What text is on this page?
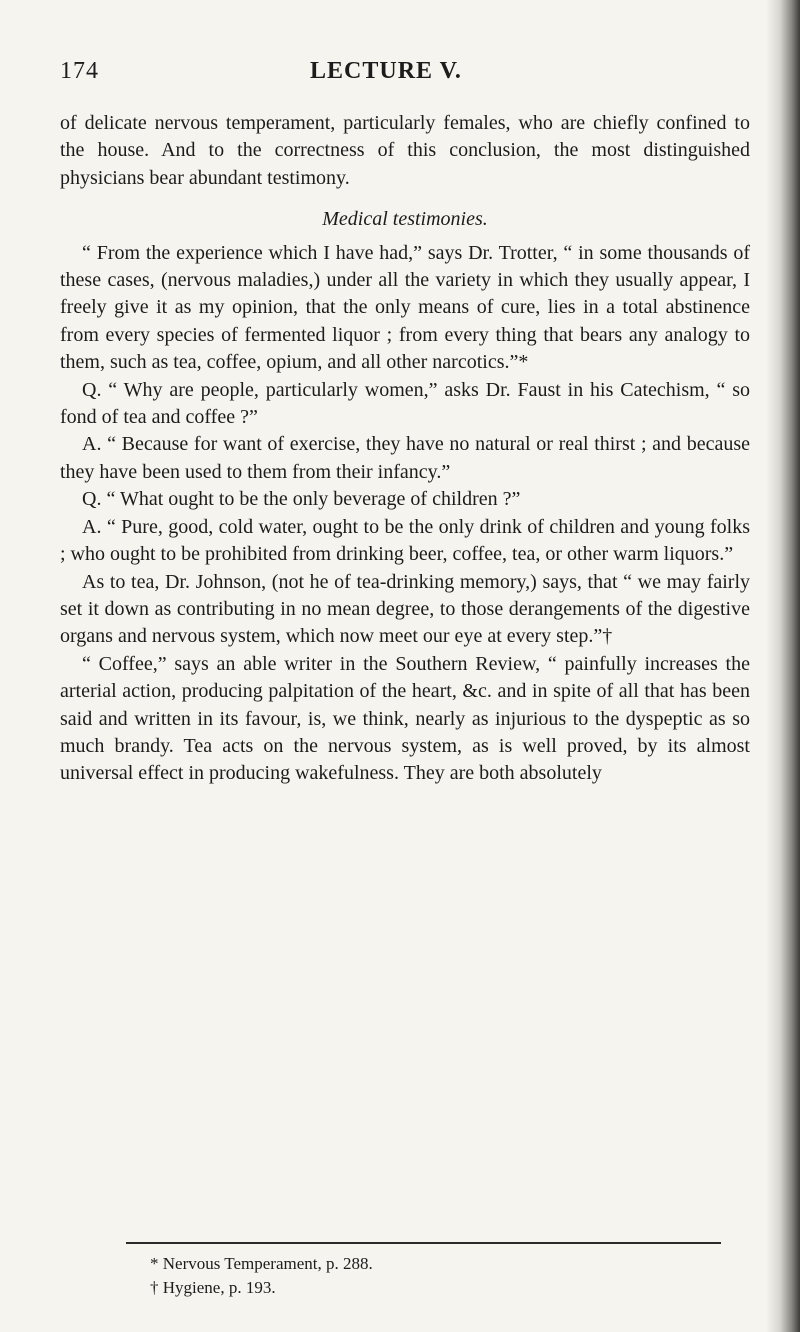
174	LECTURE V.

of delicate nervous temperament, particularly females, who are chiefly confined to the house. And to the correctness of this conclusion, the most distinguished physicians bear abundant testimony.

Medical testimonies.

“ From the experience which I have had,” says Dr. Trotter, “ in some thousands of these cases, (nervous maladies,) under all the variety in which they usually appear, I freely give it as my opinion, that the only means of cure, lies in a total abstinence from every species of fermented liquor ; from every thing that bears any analogy to them, such as tea, coffee, opium, and all other narcotics.”*

Q. “ Why are people, particularly women,” asks Dr. Faust in his Catechism, “ so fond of tea and coffee ?”

A. “ Because for want of exercise, they have no natural or real thirst ; and because they have been used to them from their infancy.”

Q. “ What ought to be the only beverage of children ?”

A. “ Pure, good, cold water, ought to be the only drink of children and young folks ; who ought to be prohibited from drinking beer, coffee, tea, or other warm liquors.”

As to tea, Dr. Johnson, (not he of tea-drinking memory,) says, that “ we may fairly set it down as contributing in no mean degree, to those derangements of the digestive organs and nervous system, which now meet our eye at every step.”†

“ Coffee,” says an able writer in the Southern Review, “ painfully increases the arterial action, producing palpitation of the heart, &c. and in spite of all that has been said and written in its favour, is, we think, nearly as injurious to the dyspeptic as so much brandy. Tea acts on the nervous system, as is well proved, by its almost universal effect in producing wakefulness. They are both absolutely

* Nervous Temperament, p. 288.
† Hygiene, p. 193.
